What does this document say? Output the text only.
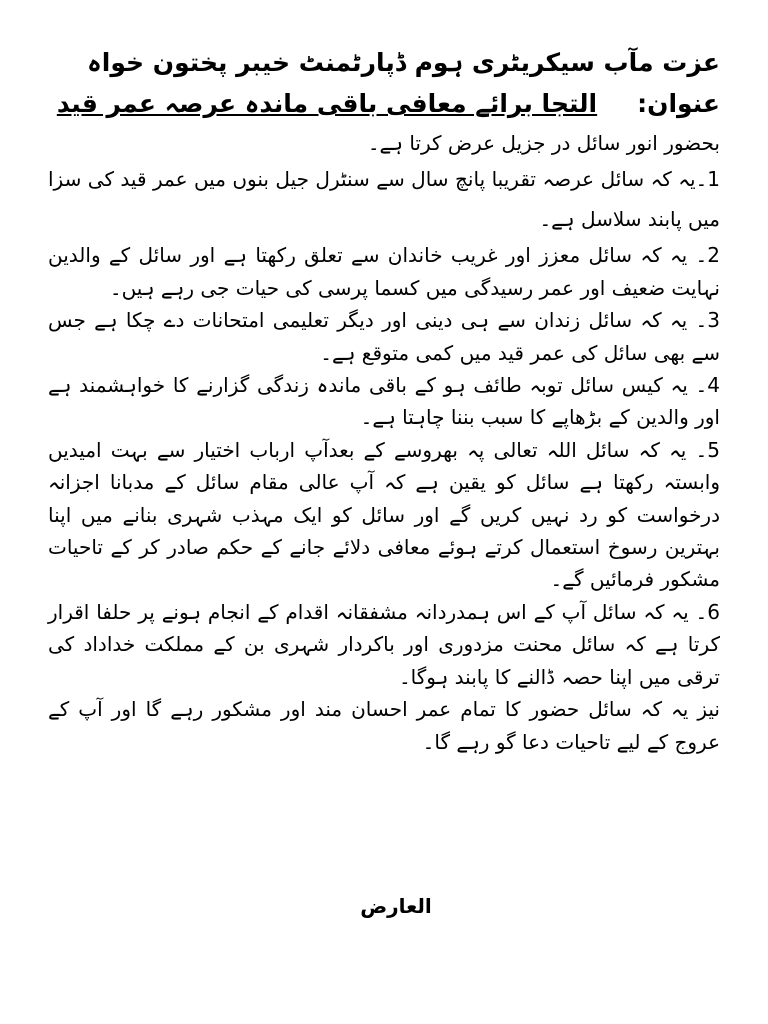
عزت مآب سیکریٹری ہوم ڈپارٹمنٹ خیبر پختون خواہ
عنوان:التجا برائے معافی باقی ماندہ عرصہ عمر قید

بحضور انور سائل در جزیل عرض کرتا ہے۔

1۔یہ کہ سائل عرصہ تقریبا پانچ سال سے سنٹرل جیل بنوں میں عمر قید کی سزا میں پابند سلاسل ہے۔

2۔ یہ کہ سائل معزز اور غریب خاندان سے تعلق رکھتا ہے اور سائل کے والدین نہایت ضعیف اور عمر رسیدگی میں کسما پرسی کی حیات جی رہے ہیں۔

3۔ یہ کہ سائل زندان سے ہی دینی اور دیگر تعلیمی امتحانات دے چکا ہے جس سے بھی سائل کی عمر قید میں کمی متوقع ہے۔

4۔ یہ کیس سائل توبہ طائف ہو کے باقی ماندہ زندگی گزارنے کا خواہشمند ہے اور والدین کے بڑھاپے کا سبب بننا چاہتا ہے۔

5۔ یہ کہ سائل اللہ تعالی پہ بھروسے کے بعدآپ ارباب اختیار سے بہت امیدیں وابستہ رکھتا ہے سائل کو یقین ہے کہ آپ عالی مقام سائل کے مدبانا اجزانہ درخواست کو رد نہیں کریں گے اور سائل کو ایک مہذب شہری بنانے میں اپنا بہترین رسوخ استعمال کرتے ہوئے معافی دلائے جانے کے حکم صادر کر کے تاحیات مشکور فرمائیں گے۔

6۔ یہ کہ سائل آپ کے اس ہمدردانہ مشفقانہ اقدام کے انجام ہونے پر حلفا اقرار کرتا ہے کہ سائل محنت مزدوری اور باکردار شہری بن کے مملکت خداداد کی ترقی میں اپنا حصہ ڈالنے کا پابند ہوگا۔

نیز یہ کہ سائل حضور کا تمام عمر احسان مند اور مشکور رہے گا اور آپ کے عروج کے لیے تاحیات دعا گو رہے گا۔

العارض
